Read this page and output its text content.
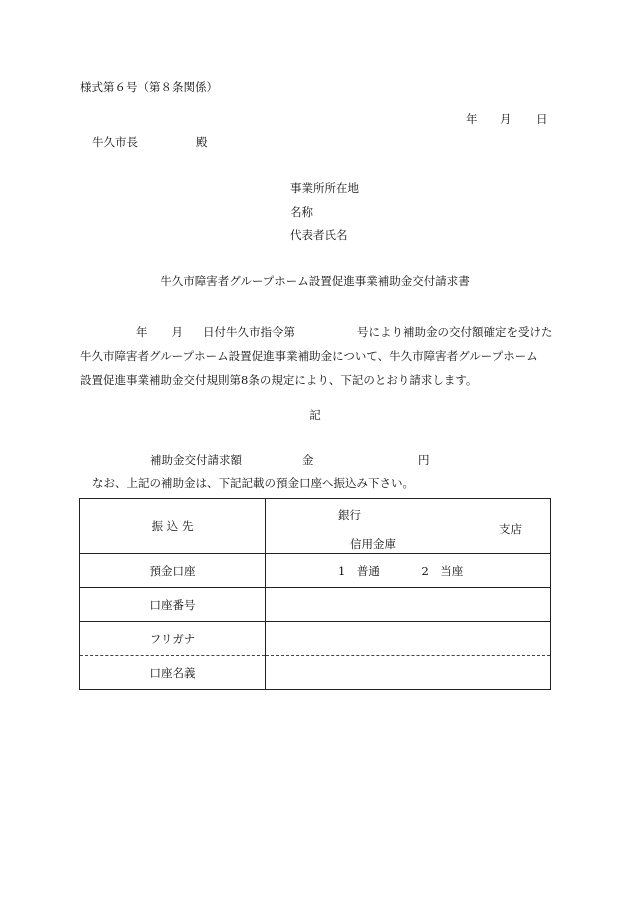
様式第６号（第８条関係）
年 月 日
牛久市長	殿
事業所所在地
名称
代表者氏名
牛久市障害者グループホーム設置促進事業補助金交付請求書
年 月 日付牛久市指令第	号により補助金の交付額確定を受けた
牛久市障害者グループホーム設置促進事業補助金について、牛久市障害者グループホーム
設置促進事業補助金交付規則第8条の規定により、下記のとおり請求します。
記
補助金交付請求額	金	円
なお、上記の補助金は、下記記載の預金口座へ振込み下さい。
振 込 先	銀行
支店
信用金庫

預金口座	1　普通 2　当座
口座番号	
フリガナ	
口座名義	
